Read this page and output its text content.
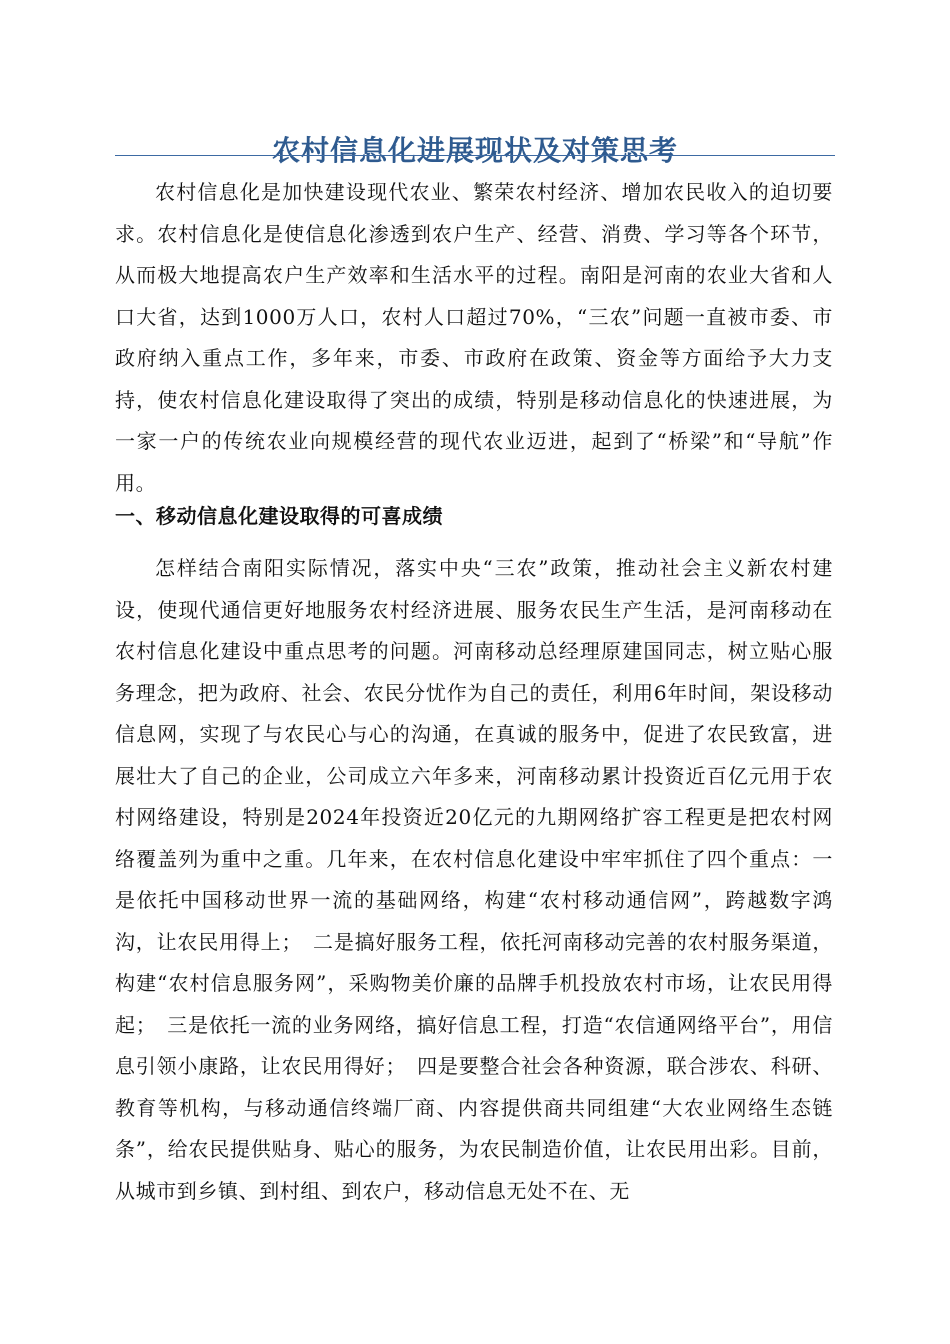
农村信息化进展现状及对策思考

农村信息化是加快建设现代农业、繁荣农村经济、增加农民收入的迫切要求。农村信息化是使信息化渗透到农户生产、经营、消费、学习等各个环节，从而极大地提高农户生产效率和生活水平的过程。南阳是河南的农业大省和人口大省，达到1000万人口，农村人口超过70%，“三农”问题一直被市委、市政府纳入重点工作，多年来，市委、市政府在政策、资金等方面给予大力支持，使农村信息化建设取得了突出的成绩，特别是移动信息化的快速进展，为一家一户的传统农业向规模经营的现代农业迈进，起到了“桥梁”和“导航”作用。

一、移动信息化建设取得的可喜成绩

怎样结合南阳实际情况，落实中央“三农”政策，推动社会主义新农村建设，使现代通信更好地服务农村经济进展、服务农民生产生活，是河南移动在农村信息化建设中重点思考的问题。河南移动总经理原建国同志，树立贴心服务理念，把为政府、社会、农民分忧作为自己的责任，利用6年时间，架设移动信息网，实现了与农民心与心的沟通，在真诚的服务中，促进了农民致富，进展壮大了自己的企业，公司成立六年多来，河南移动累计投资近百亿元用于农村网络建设，特别是2024年投资近20亿元的九期网络扩容工程更是把农村网络覆盖列为重中之重。几年来，在农村信息化建设中牢牢抓住了四个重点：一是依托中国移动世界一流的基础网络，构建“农村移动通信网”，跨越数字鸿沟，让农民用得上；　二是搞好服务工程，依托河南移动完善的农村服务渠道，构建“农村信息服务网”，采购物美价廉的品牌手机投放农村市场，让农民用得起；　三是依托一流的业务网络，搞好信息工程，打造“农信通网络平台”，用信息引领小康路，让农民用得好；　四是要整合社会各种资源，联合涉农、科研、教育等机构，与移动通信终端厂商、内容提供商共同组建“大农业网络生态链条”，给农民提供贴身、贴心的服务，为农民制造价值，让农民用出彩。目前，从城市到乡镇、到村组、到农户，移动信息无处不在、无
